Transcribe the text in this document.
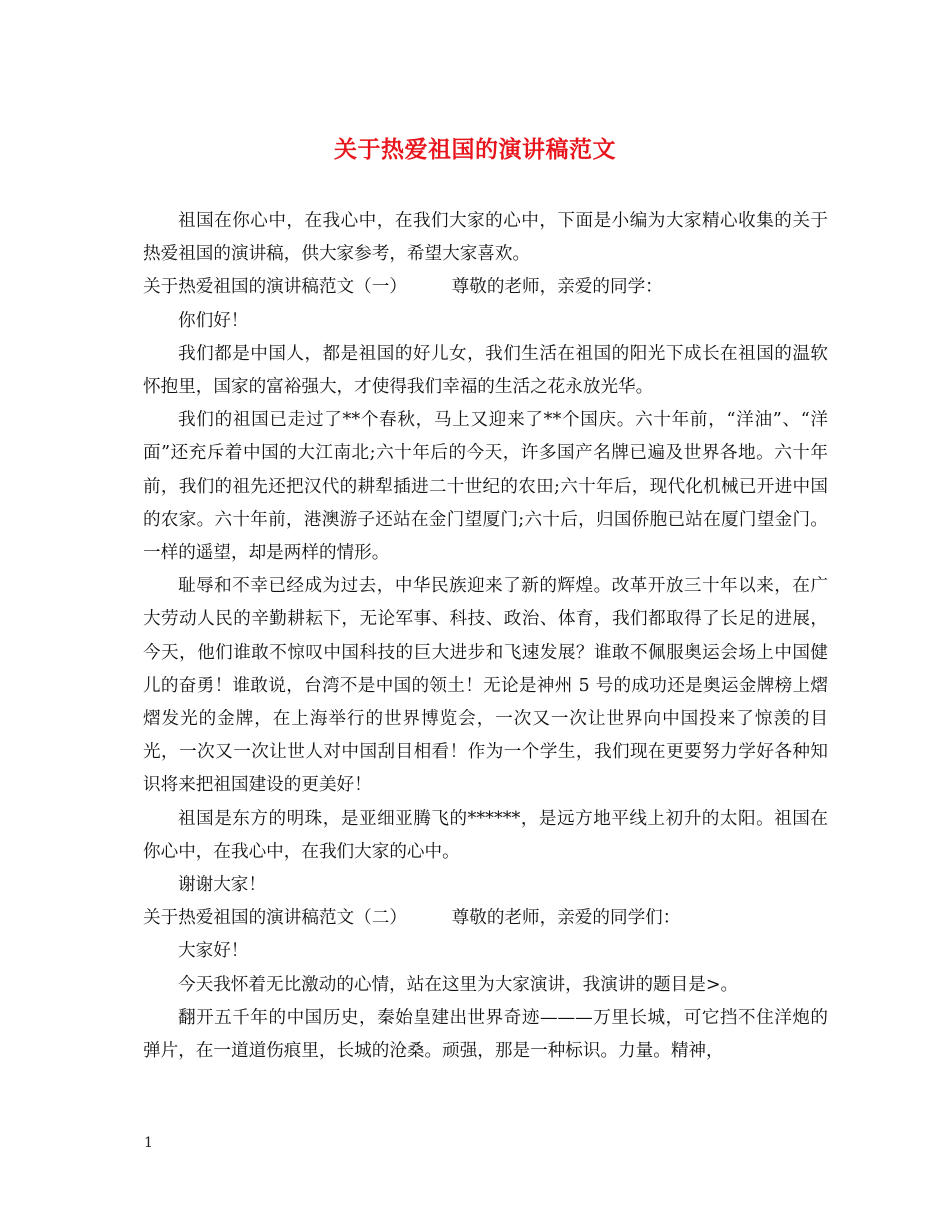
关于热爱祖国的演讲稿范文

祖国在你心中，在我心中，在我们大家的心中，下面是小编为大家精心收集的关于热爱祖国的演讲稿，供大家参考，希望大家喜欢。

关于热爱祖国的演讲稿范文（一）        尊敬的老师，亲爱的同学：

你们好！

我们都是中国人，都是祖国的好儿女，我们生活在祖国的阳光下成长在祖国的温软怀抱里，国家的富裕强大，才使得我们幸福的生活之花永放光华。

我们的祖国已走过了**个春秋，马上又迎来了**个国庆。六十年前，“洋油”、“洋面”还充斥着中国的大江南北;六十年后的今天，许多国产名牌已遍及世界各地。六十年前，我们的祖先还把汉代的耕犁插进二十世纪的农田;六十年后，现代化机械已开进中国的农家。六十年前，港澳游子还站在金门望厦门;六十后，归国侨胞已站在厦门望金门。一样的遥望，却是两样的情形。

耻辱和不幸已经成为过去，中华民族迎来了新的辉煌。改革开放三十年以来，在广大劳动人民的辛勤耕耘下，无论军事、科技、政治、体育，我们都取得了长足的进展，今天，他们谁敢不惊叹中国科技的巨大进步和飞速发展？谁敢不佩服奥运会场上中国健儿的奋勇！谁敢说，台湾不是中国的领土！无论是神州 5 号的成功还是奥运金牌榜上熠熠发光的金牌，在上海举行的世界博览会，一次又一次让世界向中国投来了惊羡的目光，一次又一次让世人对中国刮目相看！作为一个学生，我们现在更要努力学好各种知识将来把祖国建设的更美好！

祖国是东方的明珠，是亚细亚腾飞的******，是远方地平线上初升的太阳。祖国在你心中，在我心中，在我们大家的心中。

谢谢大家！

关于热爱祖国的演讲稿范文（二）        尊敬的老师，亲爱的同学们：

大家好！

今天我怀着无比激动的心情，站在这里为大家演讲，我演讲的题目是>。

翻开五千年的中国历史，秦始皇建出世界奇迹———万里长城，可它挡不住洋炮的弹片，在一道道伤痕里，长城的沧桑。顽强，那是一种标识。力量。精神，

1
